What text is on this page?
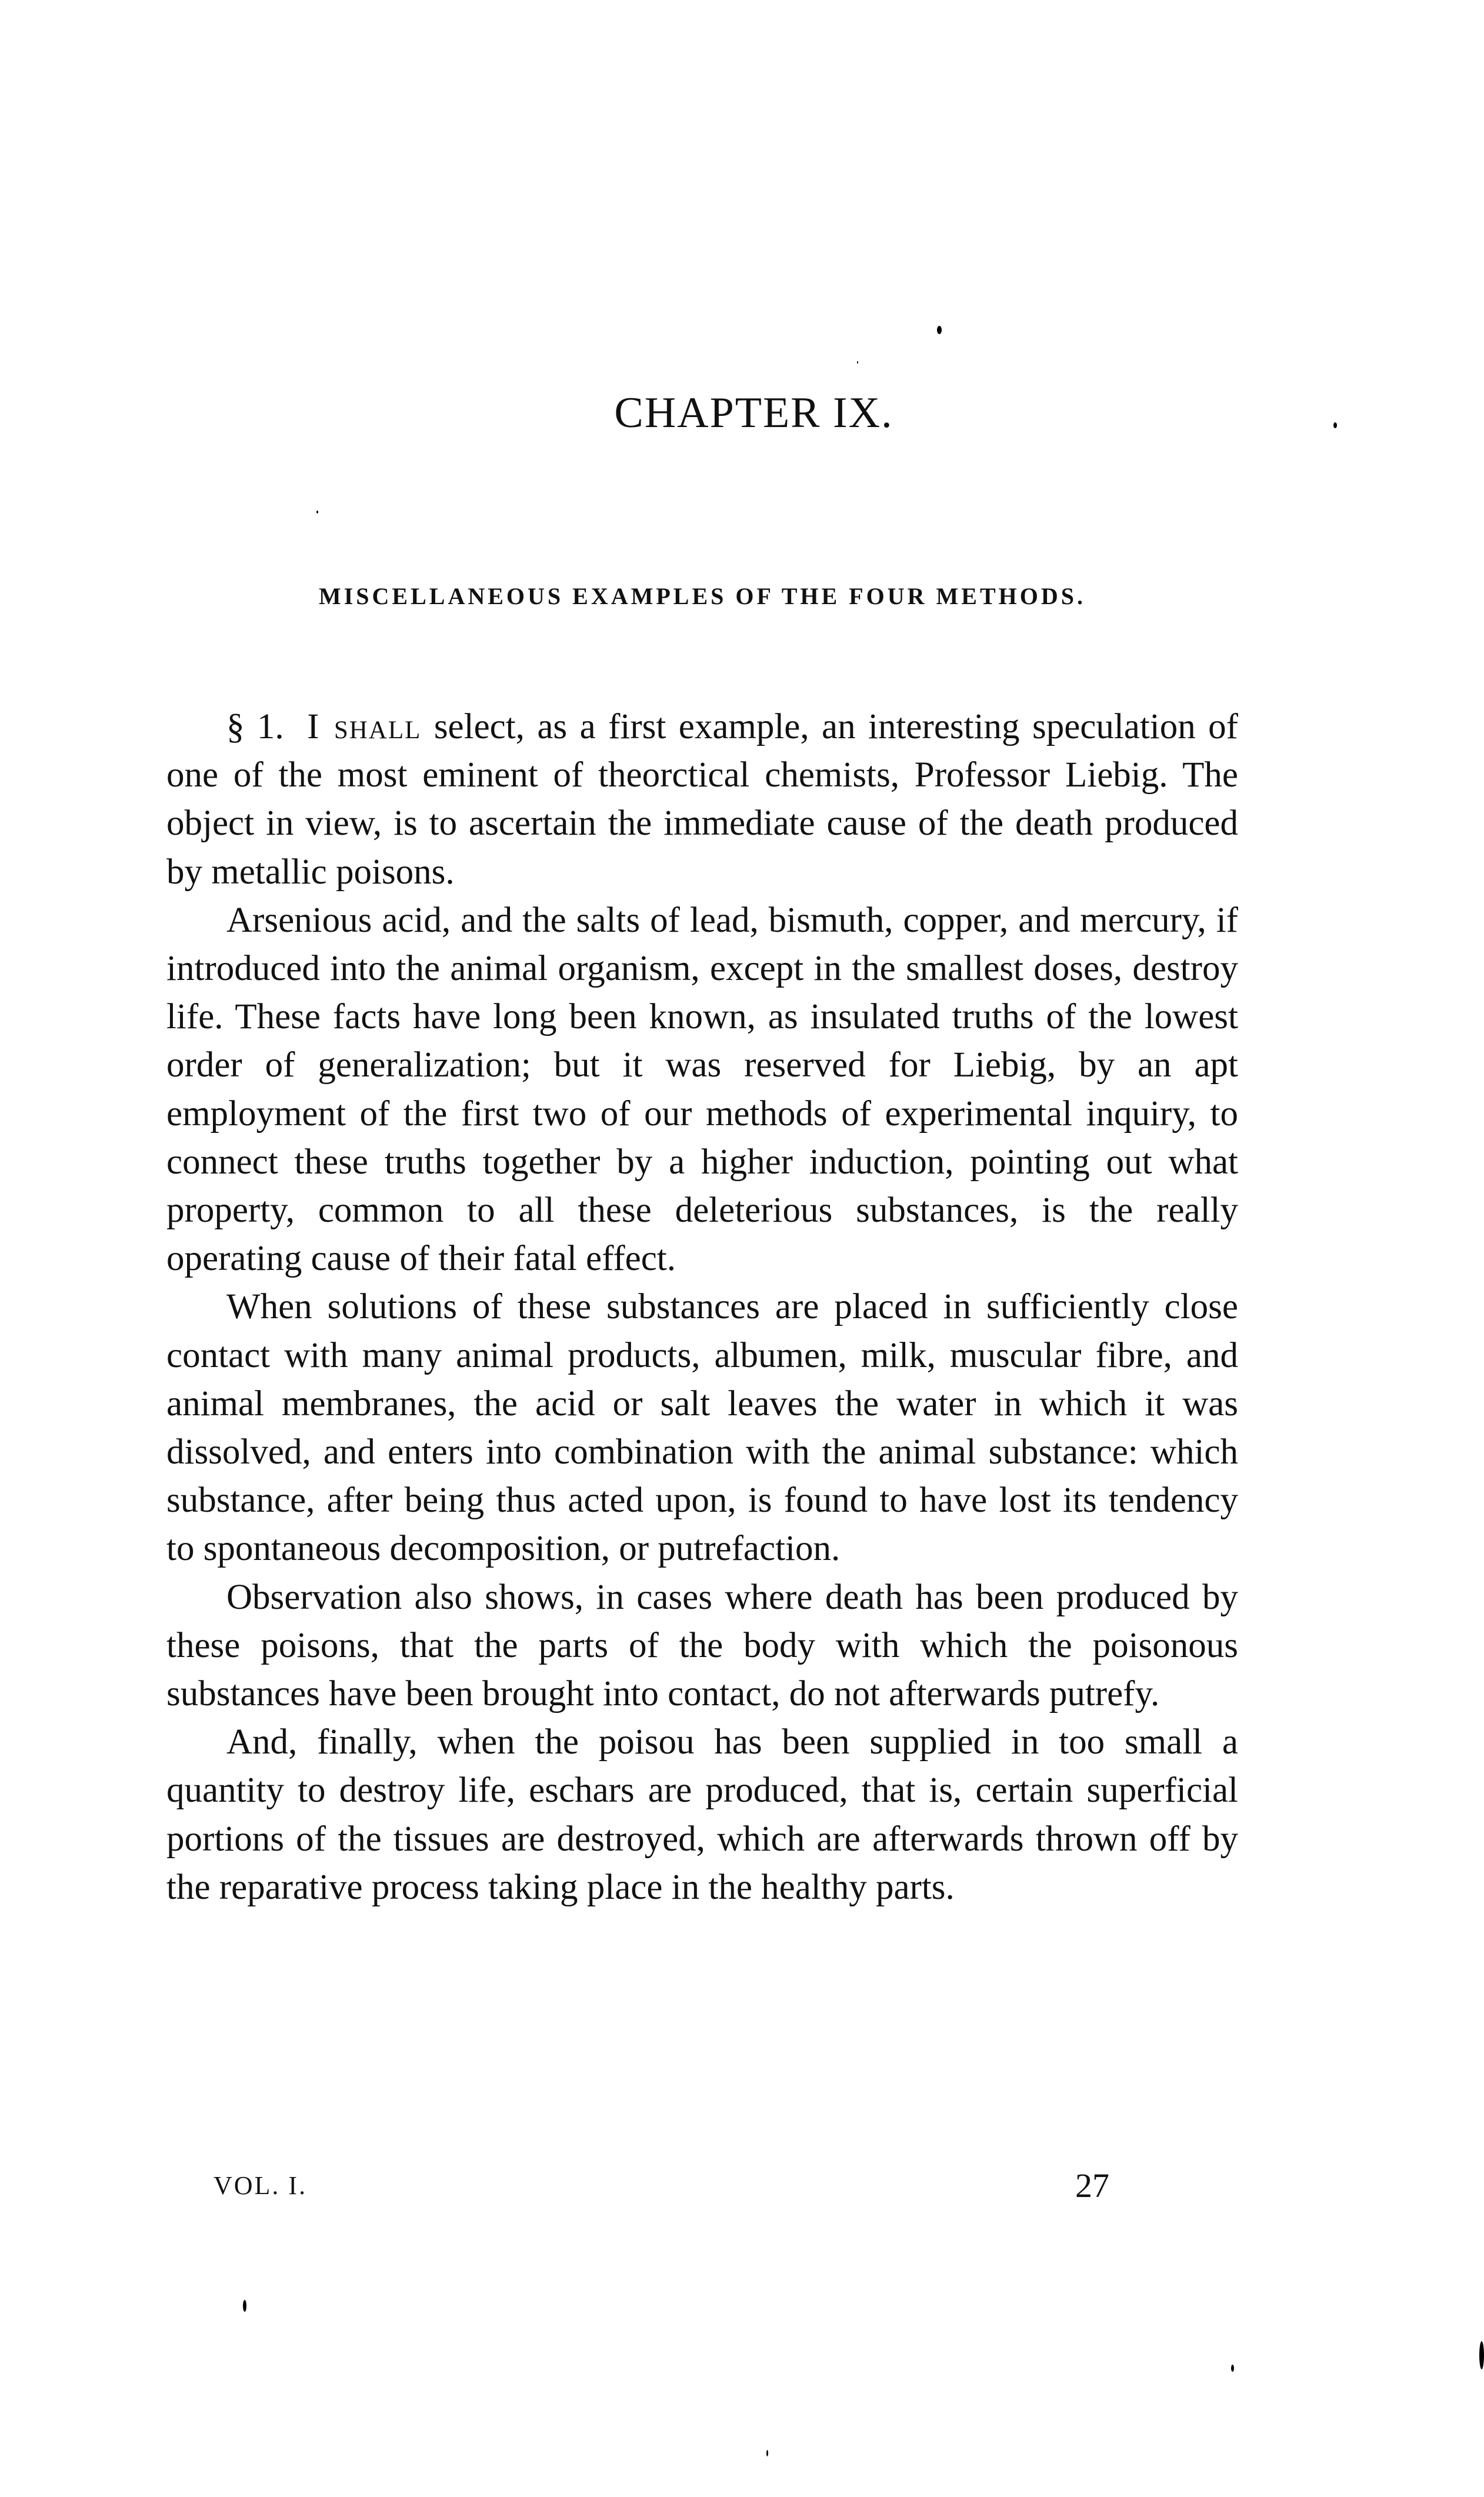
CHAPTER IX.
MISCELLANEOUS EXAMPLES OF THE FOUR METHODS.

§ 1. I shall select, as a first example, an interesting speculation of one of the most eminent of theorctical chemists, Professor Liebig. The object in view, is to ascertain the immediate cause of the death produced by metallic poisons.

Arsenious acid, and the salts of lead, bismuth, copper, and mercury, if introduced into the animal organism, except in the smallest doses, destroy life. These facts have long been known, as insulated truths of the lowest order of generalization; but it was reserved for Liebig, by an apt employment of the first two of our methods of experimental inquiry, to connect these truths together by a higher induction, pointing out what property, common to all these deleterious substances, is the really operating cause of their fatal effect.

When solutions of these substances are placed in sufficiently close contact with many animal products, albumen, milk, muscular fibre, and animal membranes, the acid or salt leaves the water in which it was dissolved, and enters into combination with the animal substance: which substance, after being thus acted upon, is found to have lost its tendency to spontaneous decomposition, or putrefaction.

Observation also shows, in cases where death has been produced by these poisons, that the parts of the body with which the poisonous substances have been brought into contact, do not afterwards putrefy.

And, finally, when the poisou has been supplied in too small a quantity to destroy life, eschars are produced, that is, certain superficial portions of the tissues are destroyed, which are afterwards thrown off by the reparative process taking place in the healthy parts.

VOL. I.	27
